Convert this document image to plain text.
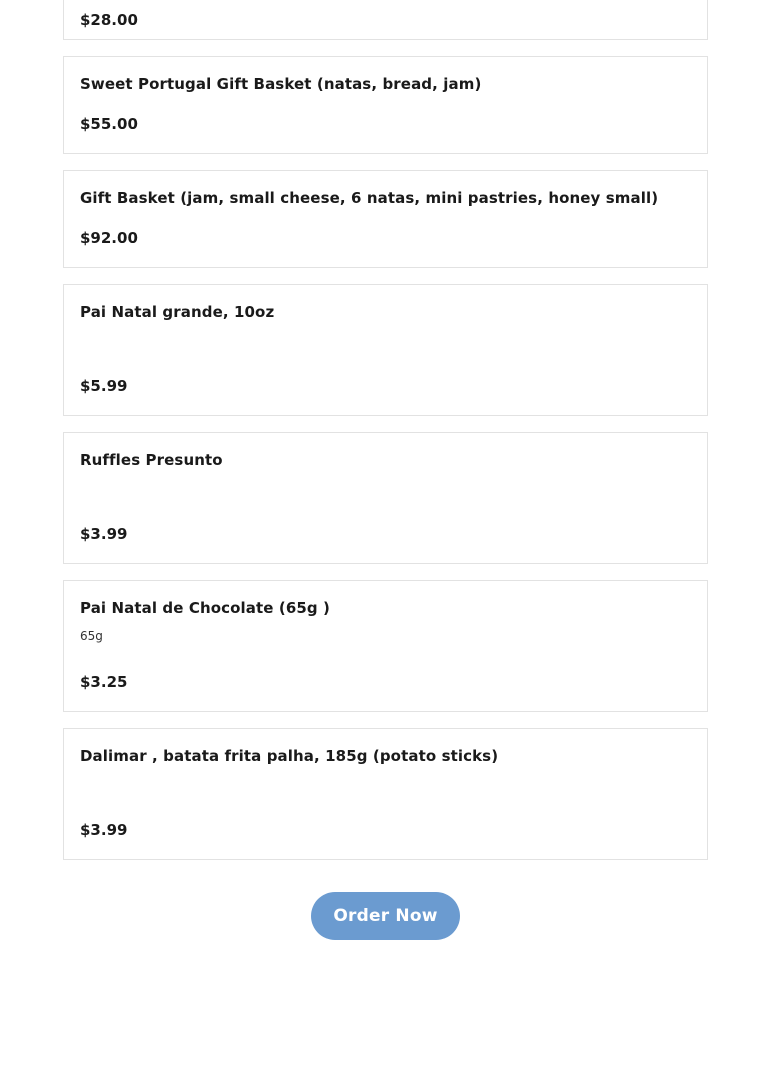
$28.00
Sweet Portugal Gift Basket (natas, bread, jam)
$55.00
Gift Basket (jam, small cheese, 6 natas, mini pastries, honey small)
$92.00
Pai Natal grande, 10oz
$5.99
Ruffles Presunto
$3.99
Pai Natal de Chocolate (65g )
65g
$3.25
Dalimar , batata frita palha, 185g (potato sticks)
$3.99
Order Now
